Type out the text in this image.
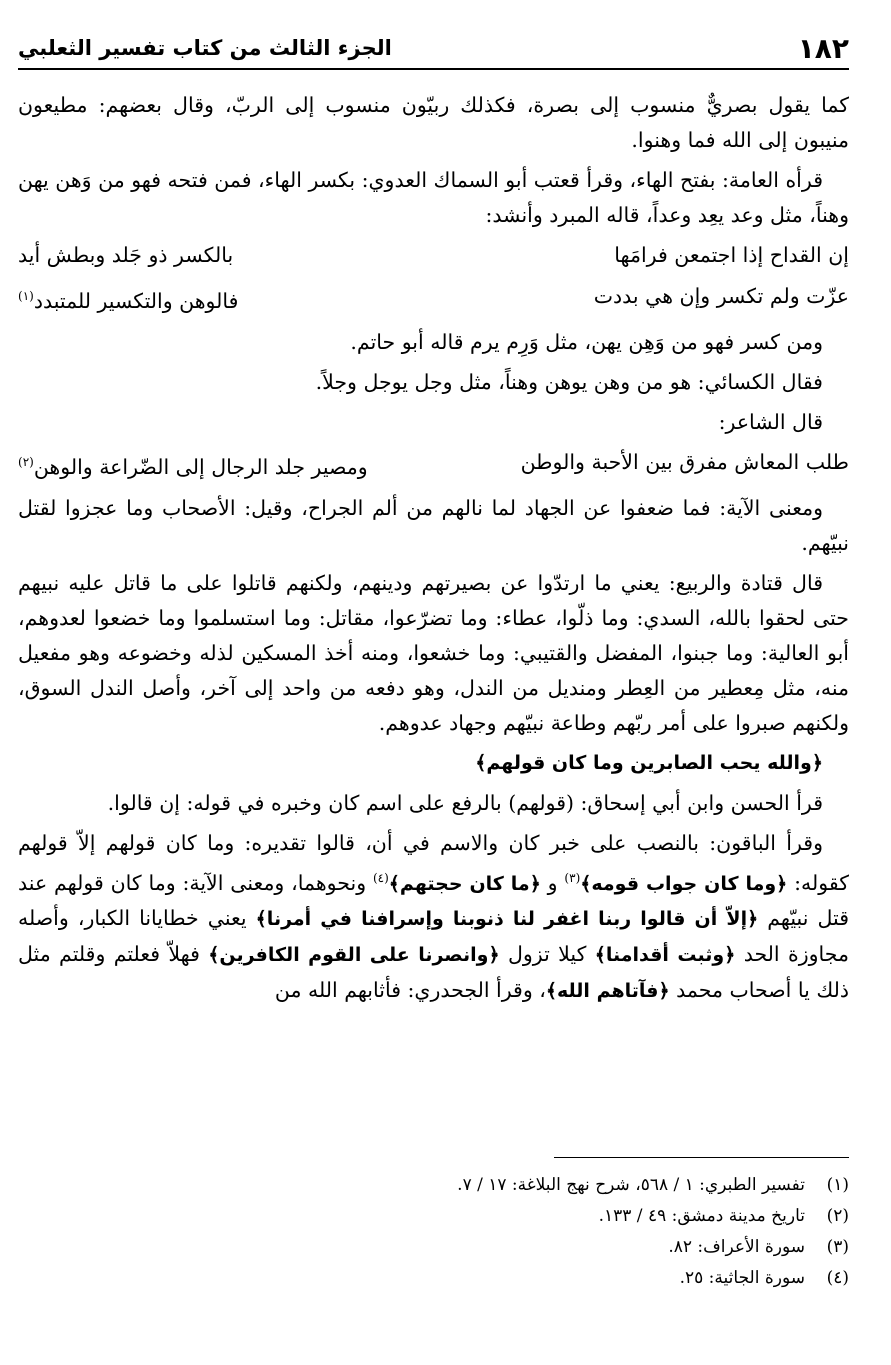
١٨٢
الجزء الثالث من كتاب تفسير الثعلبي

كما يقول بصريٌّ منسوب إلى بصرة، فكذلك ربيّون منسوب إلى الربّ، وقال بعضهم: مطيعون منيبون إلى الله فما وهنوا.

قرأه العامة: بفتح الهاء، وقرأ قعتب أبو السماك العدوي: بكسر الهاء، فمن فتحه فهو من وَهن يهن وهناً، مثل وعد يعِد وعداً، قاله المبرد وأنشد:

إن القداح إذا اجتمعن فرامَها
بالكسر ذو جَلد وبطش أيد
عزّت ولم تكسر وإن هي بددت
فالوهن والتكسير للمتبدد$^{(١)}$

ومن كسر فهو من وَهِن يهن، مثل وَرِم يرم قاله أبو حاتم.

فقال الكسائي: هو من وهن يوهن وهناً، مثل وجل يوجل وجلاً.

قال الشاعر:

طلب المعاش مفرق بين الأحبة والوطن
ومصير جلد الرجال إلى الضّراعة والوهن$^{(٢)}$

ومعنى الآية: فما ضعفوا عن الجهاد لما نالهم من ألم الجراح، وقيل: الأصحاب وما عجزوا لقتل نبيّهم.

قال قتادة والربيع: يعني ما ارتدّوا عن بصيرتهم ودينهم، ولكنهم قاتلوا على ما قاتل عليه نبيهم حتى لحقوا بالله، السدي: وما ذلّوا، عطاء: وما تضرّعوا، مقاتل: وما استسلموا وما خضعوا لعدوهم، أبو العالية: وما جبنوا، المفضل والقتيبي: وما خشعوا، ومنه أخذ المسكين لذله وخضوعه وهو مفعيل منه، مثل مِعطير من العِطر ومنديل من الندل، وهو دفعه من واحد إلى آخر، وأصل الندل السوق، ولكنهم صبروا على أمر ربّهم وطاعة نبيّهم وجهاد عدوهم.

﴿والله يحب الصابرين وما كان قولهم﴾

قرأ الحسن وابن أبي إسحاق: (قولهم) بالرفع على اسم كان وخبره في قوله: إن قالوا.

وقرأ الباقون: بالنصب على خبر كان والاسم في أن، قالوا تقديره: وما كان قولهم إلاّ قولهم كقوله: ﴿وما كان جواب قومه﴾$^{(٣)}$ و ﴿ما كان حجتهم﴾$^{(٤)}$ ونحوهما، ومعنى الآية: وما كان قولهم عند قتل نبيّهم ﴿إلاّ أن قالوا ربنا اغفر لنا ذنوبنا وإسرافنا في أمرنا﴾ يعني خطايانا الكبار، وأصله مجاوزة الحد ﴿وثبت أقدامنا﴾ كيلا تزول ﴿وانصرنا على القوم الكافرين﴾ فهلاّ فعلتم وقلتم مثل ذلك يا أصحاب محمد ﴿فآتاهم الله﴾، وقرأ الجحدري: فأثابهم الله من

(١)
تفسير الطبري: ١ / ٥٦٨، شرح نهج البلاغة: ١٧ / ٧.
(٢)
تاريخ مدينة دمشق: ٤٩ / ١٣٣.
(٣)
سورة الأعراف: ٨٢.
(٤)
سورة الجاثية: ٢٥.
